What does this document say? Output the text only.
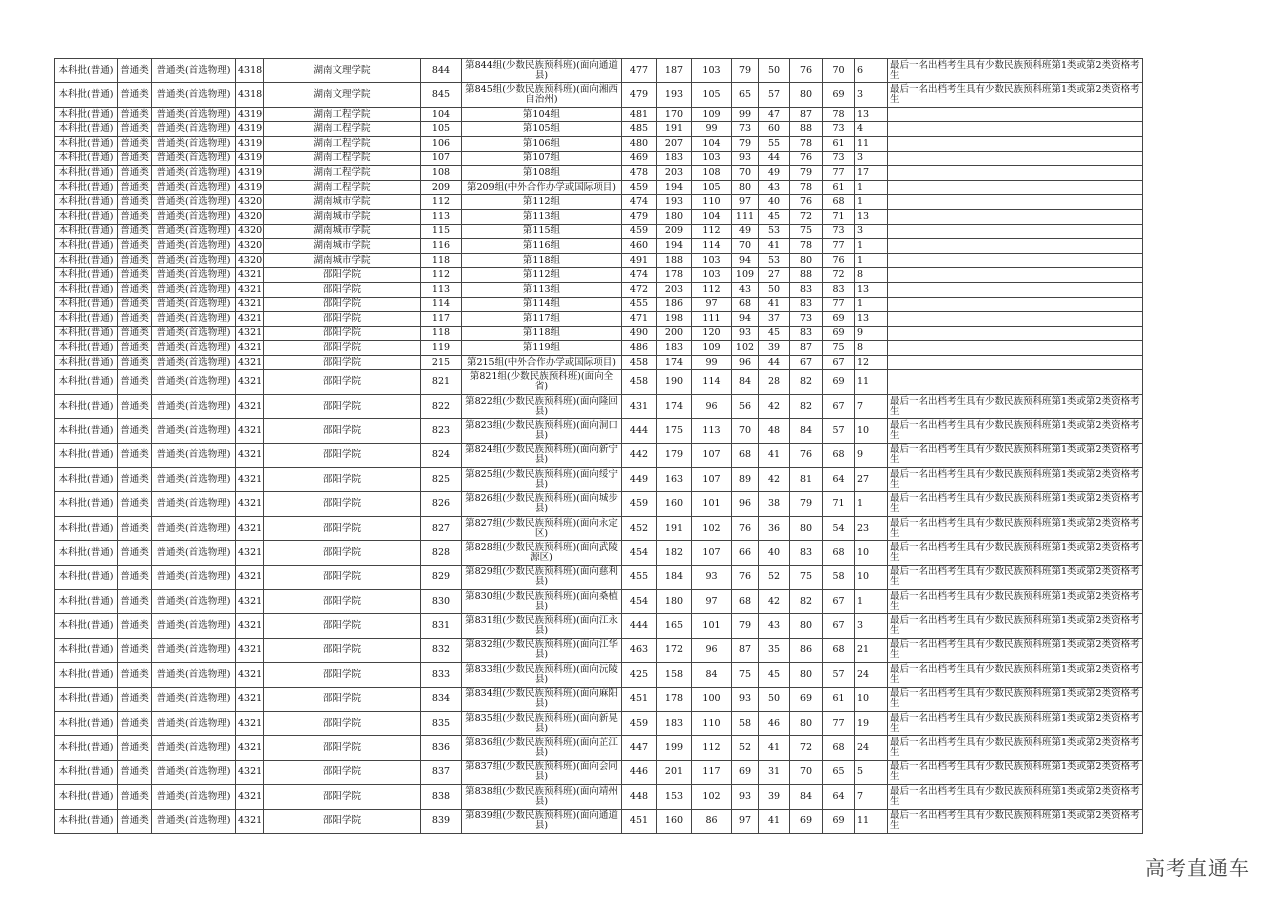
本科批(普通)	普通类	普通类(首选物理)	4318	湖南文理学院	844	第844组(少数民族预科班)(面向通道县)	477	187	103	79	50	76	70	6	最后一名出档考生具有少数民族预科班第1类或第2类资格考生
本科批(普通)	普通类	普通类(首选物理)	4318	湖南文理学院	845	第845组(少数民族预科班)(面向湘西自治州)	479	193	105	65	57	80	69	3	最后一名出档考生具有少数民族预科班第1类或第2类资格考生
本科批(普通)	普通类	普通类(首选物理)	4319	湖南工程学院	104	第104组	481	170	109	99	47	87	78	13	
本科批(普通)	普通类	普通类(首选物理)	4319	湖南工程学院	105	第105组	485	191	99	73	60	88	73	4	
本科批(普通)	普通类	普通类(首选物理)	4319	湖南工程学院	106	第106组	480	207	104	79	55	78	61	11	
本科批(普通)	普通类	普通类(首选物理)	4319	湖南工程学院	107	第107组	469	183	103	93	44	76	73	3	
本科批(普通)	普通类	普通类(首选物理)	4319	湖南工程学院	108	第108组	478	203	108	70	49	79	77	17	
本科批(普通)	普通类	普通类(首选物理)	4319	湖南工程学院	209	第209组(中外合作办学或国际项目)	459	194	105	80	43	78	61	1	
本科批(普通)	普通类	普通类(首选物理)	4320	湖南城市学院	112	第112组	474	193	110	97	40	76	68	1	
本科批(普通)	普通类	普通类(首选物理)	4320	湖南城市学院	113	第113组	479	180	104	111	45	72	71	13	
本科批(普通)	普通类	普通类(首选物理)	4320	湖南城市学院	115	第115组	459	209	112	49	53	75	73	3	
本科批(普通)	普通类	普通类(首选物理)	4320	湖南城市学院	116	第116组	460	194	114	70	41	78	77	1	
本科批(普通)	普通类	普通类(首选物理)	4320	湖南城市学院	118	第118组	491	188	103	94	53	80	76	1	
本科批(普通)	普通类	普通类(首选物理)	4321	邵阳学院	112	第112组	474	178	103	109	27	88	72	8	
本科批(普通)	普通类	普通类(首选物理)	4321	邵阳学院	113	第113组	472	203	112	43	50	83	83	13	
本科批(普通)	普通类	普通类(首选物理)	4321	邵阳学院	114	第114组	455	186	97	68	41	83	77	1	
本科批(普通)	普通类	普通类(首选物理)	4321	邵阳学院	117	第117组	471	198	111	94	37	73	69	13	
本科批(普通)	普通类	普通类(首选物理)	4321	邵阳学院	118	第118组	490	200	120	93	45	83	69	9	
本科批(普通)	普通类	普通类(首选物理)	4321	邵阳学院	119	第119组	486	183	109	102	39	87	75	8	
本科批(普通)	普通类	普通类(首选物理)	4321	邵阳学院	215	第215组(中外合作办学或国际项目)	458	174	99	96	44	67	67	12	
本科批(普通)	普通类	普通类(首选物理)	4321	邵阳学院	821	第821组(少数民族预科班)(面向全省)	458	190	114	84	28	82	69	11	
本科批(普通)	普通类	普通类(首选物理)	4321	邵阳学院	822	第822组(少数民族预科班)(面向隆回县)	431	174	96	56	42	82	67	7	最后一名出档考生具有少数民族预科班第1类或第2类资格考生
本科批(普通)	普通类	普通类(首选物理)	4321	邵阳学院	823	第823组(少数民族预科班)(面向洞口县)	444	175	113	70	48	84	57	10	最后一名出档考生具有少数民族预科班第1类或第2类资格考生
本科批(普通)	普通类	普通类(首选物理)	4321	邵阳学院	824	第824组(少数民族预科班)(面向新宁县)	442	179	107	68	41	76	68	9	最后一名出档考生具有少数民族预科班第1类或第2类资格考生
本科批(普通)	普通类	普通类(首选物理)	4321	邵阳学院	825	第825组(少数民族预科班)(面向绥宁县)	449	163	107	89	42	81	64	27	最后一名出档考生具有少数民族预科班第1类或第2类资格考生
本科批(普通)	普通类	普通类(首选物理)	4321	邵阳学院	826	第826组(少数民族预科班)(面向城步县)	459	160	101	96	38	79	71	1	最后一名出档考生具有少数民族预科班第1类或第2类资格考生
本科批(普通)	普通类	普通类(首选物理)	4321	邵阳学院	827	第827组(少数民族预科班)(面向永定区)	452	191	102	76	36	80	54	23	最后一名出档考生具有少数民族预科班第1类或第2类资格考生
本科批(普通)	普通类	普通类(首选物理)	4321	邵阳学院	828	第828组(少数民族预科班)(面向武陵源区)	454	182	107	66	40	83	68	10	最后一名出档考生具有少数民族预科班第1类或第2类资格考生
本科批(普通)	普通类	普通类(首选物理)	4321	邵阳学院	829	第829组(少数民族预科班)(面向慈利县)	455	184	93	76	52	75	58	10	最后一名出档考生具有少数民族预科班第1类或第2类资格考生
本科批(普通)	普通类	普通类(首选物理)	4321	邵阳学院	830	第830组(少数民族预科班)(面向桑植县)	454	180	97	68	42	82	67	1	最后一名出档考生具有少数民族预科班第1类或第2类资格考生
本科批(普通)	普通类	普通类(首选物理)	4321	邵阳学院	831	第831组(少数民族预科班)(面向江永县)	444	165	101	79	43	80	67	3	最后一名出档考生具有少数民族预科班第1类或第2类资格考生
本科批(普通)	普通类	普通类(首选物理)	4321	邵阳学院	832	第832组(少数民族预科班)(面向江华县)	463	172	96	87	35	86	68	21	最后一名出档考生具有少数民族预科班第1类或第2类资格考生
本科批(普通)	普通类	普通类(首选物理)	4321	邵阳学院	833	第833组(少数民族预科班)(面向沅陵县)	425	158	84	75	45	80	57	24	最后一名出档考生具有少数民族预科班第1类或第2类资格考生
本科批(普通)	普通类	普通类(首选物理)	4321	邵阳学院	834	第834组(少数民族预科班)(面向麻阳县)	451	178	100	93	50	69	61	10	最后一名出档考生具有少数民族预科班第1类或第2类资格考生
本科批(普通)	普通类	普通类(首选物理)	4321	邵阳学院	835	第835组(少数民族预科班)(面向新晃县)	459	183	110	58	46	80	77	19	最后一名出档考生具有少数民族预科班第1类或第2类资格考生
本科批(普通)	普通类	普通类(首选物理)	4321	邵阳学院	836	第836组(少数民族预科班)(面向芷江县)	447	199	112	52	41	72	68	24	最后一名出档考生具有少数民族预科班第1类或第2类资格考生
本科批(普通)	普通类	普通类(首选物理)	4321	邵阳学院	837	第837组(少数民族预科班)(面向会同县)	446	201	117	69	31	70	65	5	最后一名出档考生具有少数民族预科班第1类或第2类资格考生
本科批(普通)	普通类	普通类(首选物理)	4321	邵阳学院	838	第838组(少数民族预科班)(面向靖州县)	448	153	102	93	39	84	64	7	最后一名出档考生具有少数民族预科班第1类或第2类资格考生
本科批(普通)	普通类	普通类(首选物理)	4321	邵阳学院	839	第839组(少数民族预科班)(面向通道县)	451	160	86	97	41	69	69	11	最后一名出档考生具有少数民族预科班第1类或第2类资格考生
高考直通车
